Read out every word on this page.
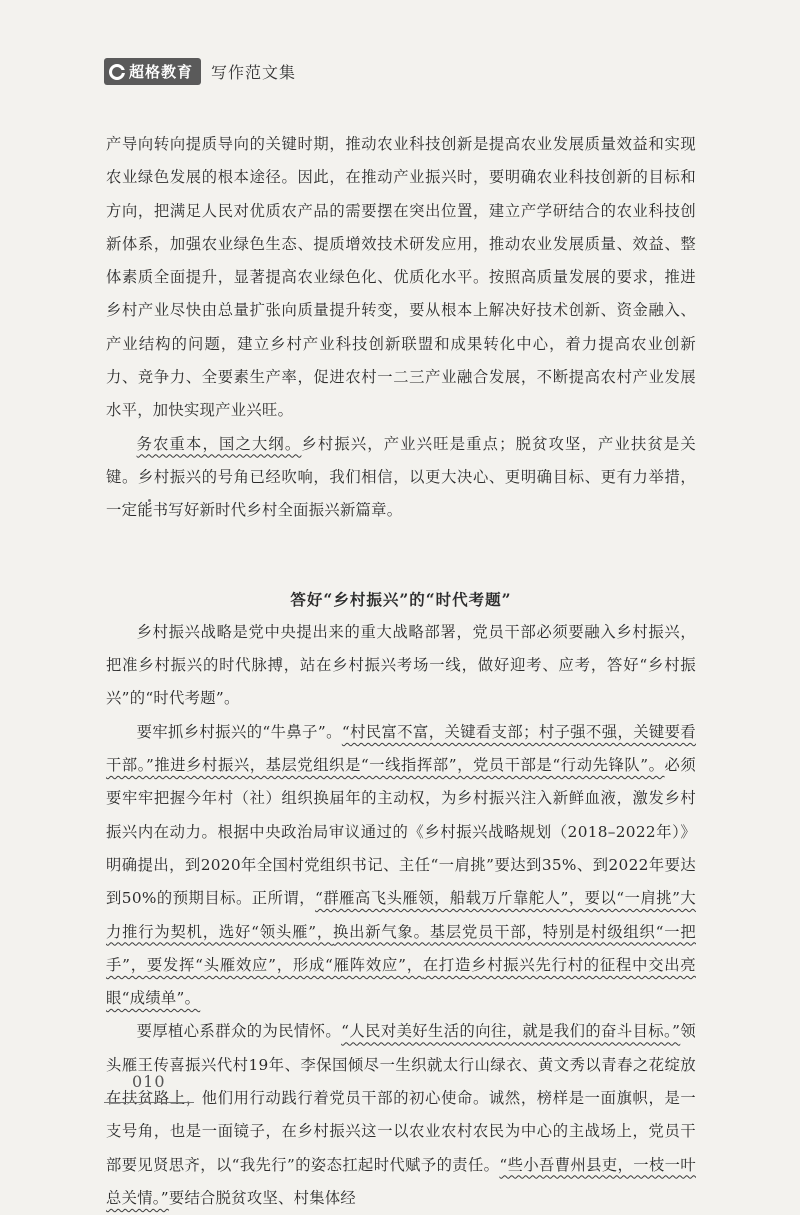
超格教育 写作范文集

产导向转向提质导向的关键时期，推动农业科技创新是提高农业发展质量效益和实现农业绿色发展的根本途径。因此，在推动产业振兴时，要明确农业科技创新的目标和方向，把满足人民对优质农产品的需要摆在突出位置，建立产学研结合的农业科技创新体系，加强农业绿色生态、提质增效技术研发应用，推动农业发展质量、效益、整体素质全面提升，显著提高农业绿色化、优质化水平。按照高质量发展的要求，推进乡村产业尽快由总量扩张向质量提升转变，要从根本上解决好技术创新、资金融入、产业结构的问题，建立乡村产业科技创新联盟和成果转化中心，着力提高农业创新力、竞争力、全要素生产率，促进农村一二三产业融合发展，不断提高农村产业发展水平，加快实现产业兴旺。

务农重本，国之大纲。乡村振兴，产业兴旺是重点；脱贫攻坚，产业扶贫是关键。乡村振兴的号角已经吹响，我们相信，以更大决心、更明确目标、更有力举措，一定能书写好新时代乡村全面振兴新篇章。

答好“乡村振兴”的“时代考题”

乡村振兴战略是党中央提出来的重大战略部署，党员干部必须要融入乡村振兴，把准乡村振兴的时代脉搏，站在乡村振兴考场一线，做好迎考、应考，答好“乡村振兴”的“时代考题”。

要牢抓乡村振兴的“牛鼻子”。“村民富不富，关键看支部；村子强不强，关键要看干部。”推进乡村振兴，基层党组织是“一线指挥部”，党员干部是“行动先锋队”。必须要牢牢把握今年村（社）组织换届年的主动权，为乡村振兴注入新鲜血液，激发乡村振兴内在动力。根据中央政治局审议通过的《乡村振兴战略规划（2018–2022年）》明确提出，到2020年全国村党组织书记、主任“一肩挑”要达到35%、到2022年要达到50%的预期目标。正所谓，“群雁高飞头雁领，船载万斤靠舵人”，要以“一肩挑”大力推行为契机，选好“领头雁”，换出新气象。基层党员干部，特别是村级组织“一把手”，要发挥“头雁效应”，形成“雁阵效应”，在打造乡村振兴先行村的征程中交出亮眼“成绩单”。

要厚植心系群众的为民情怀。“人民对美好生活的向往，就是我们的奋斗目标。”领头雁王传喜振兴代村19年、李保国倾尽一生织就太行山绿衣、黄文秀以青春之花绽放在扶贫路上，他们用行动践行着党员干部的初心使命。诚然，榜样是一面旗帜，是一支号角，也是一面镜子，在乡村振兴这一以农业农村农民为中心的主战场上，党员干部要见贤思齐，以“我先行”的姿态扛起时代赋予的责任。“些小吾曹州县吏，一枝一叶总关情。”要结合脱贫攻坚、村集体经

010
